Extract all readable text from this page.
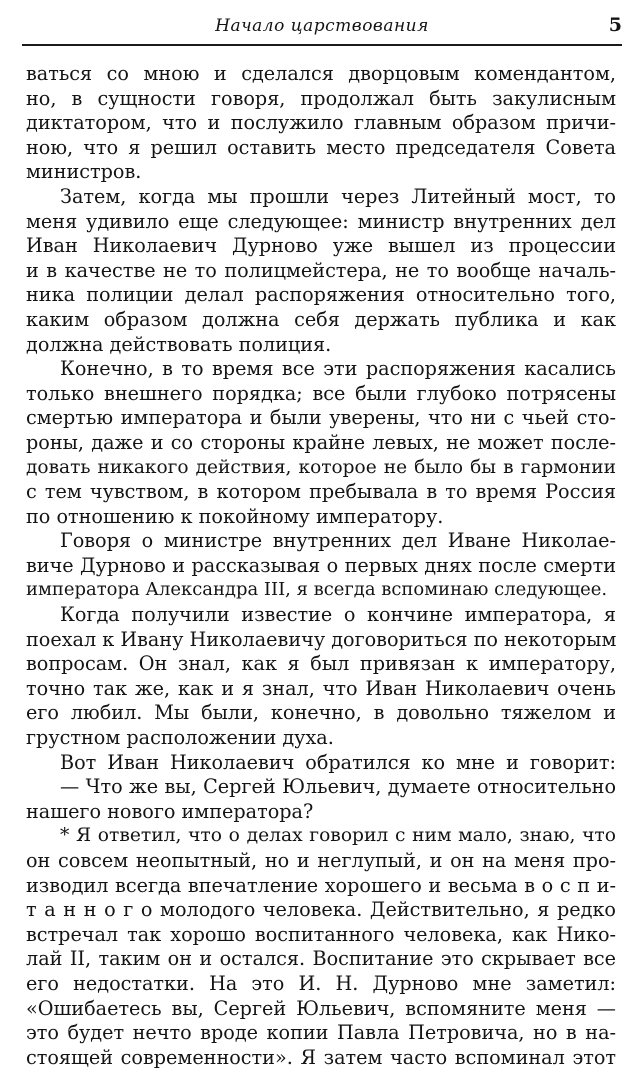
Начало царствования	5
ваться со мною и сделался дворцовым комендантом,
но, в сущности говоря, продолжал быть закулисным
диктатором, что и послужило главным образом причи-
ною, что я решил оставить место председателя Совета
министров.
Затем, когда мы прошли через Литейный мост, то
меня удивило еще следующее: министр внутренних дел
Иван Николаевич Дурново уже вышел из процессии
и в качестве не то полицмейстера, не то вообще началь-
ника полиции делал распоряжения относительно того,
каким образом должна себя держать публика и как
должна действовать полиция.
Конечно, в то время все эти распоряжения касались
только внешнего порядка; все были глубоко потрясены
смертью императора и были уверены, что ни с чьей сто-
роны, даже и со стороны крайне левых, не может после-
довать никакого действия, которое не было бы в гармонии
с тем чувством, в котором пребывала в то время Россия
по отношению к покойному императору.
Говоря о министре внутренних дел Иване Николае-
виче Дурново и рассказывая о первых днях после смерти
императора Александра III, я всегда вспоминаю следующее.
Когда получили известие о кончине императора, я
поехал к Ивану Николаевичу договориться по некоторым
вопросам. Он знал, как я был привязан к императору,
точно так же, как и я знал, что Иван Николаевич очень
его любил. Мы были, конечно, в довольно тяжелом и
грустном расположении духа.
Вот Иван Николаевич обратился ко мне и говорит:
— Что же вы, Сергей Юльевич, думаете относительно
нашего нового императора?
* Я ответил, что о делах говорил с ним мало, знаю, что
он совсем неопытный, но и неглупый, и он на меня про-
изводил всегда впечатление хорошего и весьма в о с п и-
т а н н о г о молодого человека. Действительно, я редко
встречал так хорошо воспитанного человека, как Нико-
лай II, таким он и остался. Воспитание это скрывает все
его недостатки. На это И. Н. Дурново мне заметил:
«Ошибаетесь вы, Сергей Юльевич, вспомяните меня —
это будет нечто вроде копии Павла Петровича, но в на-
стоящей современности». Я затем часто вспоминал этот
